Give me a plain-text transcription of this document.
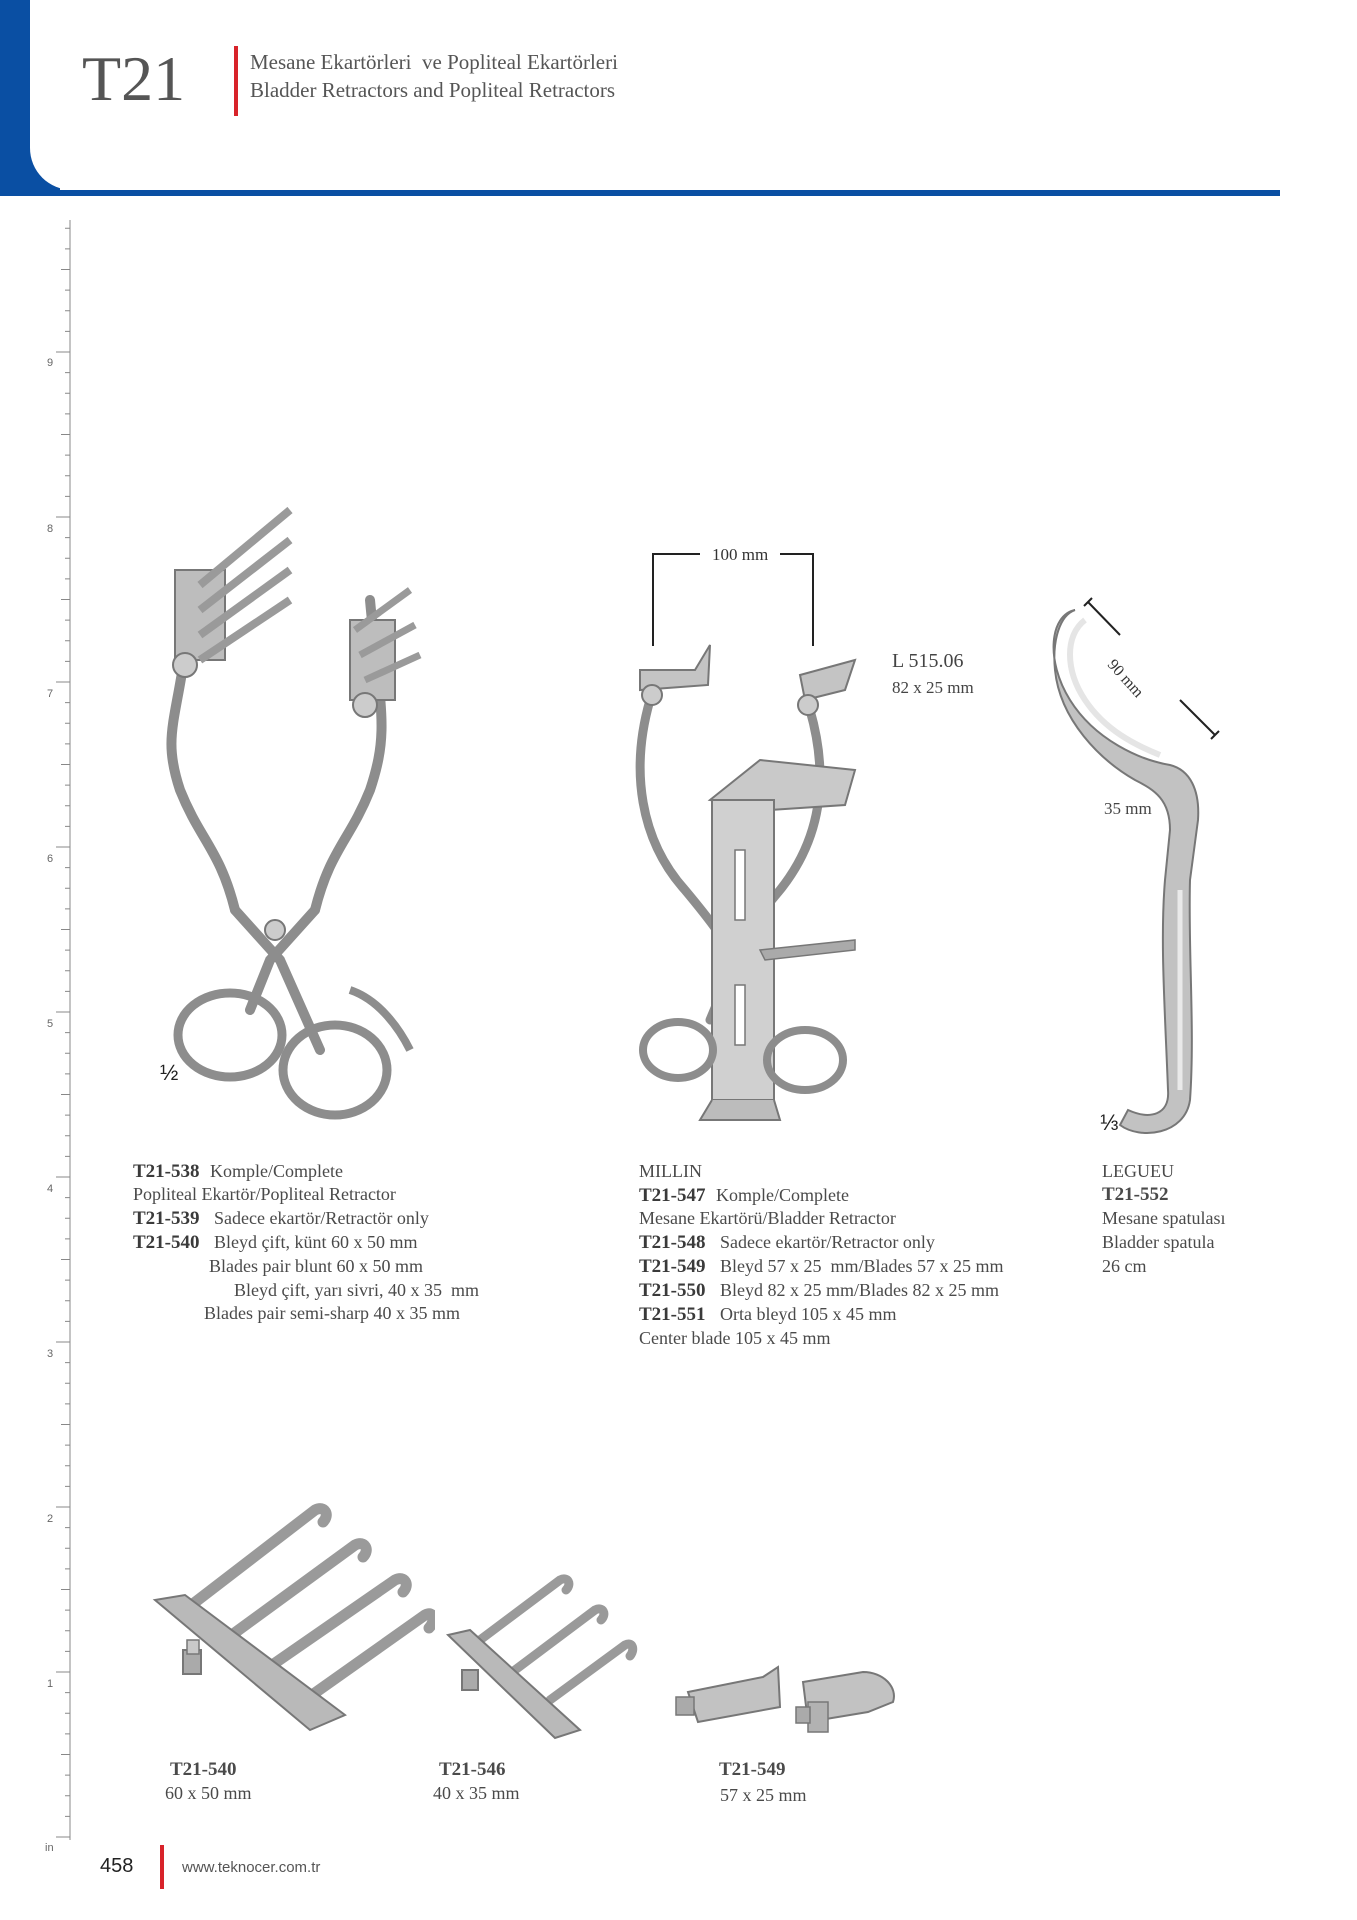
T21	Mesane Ekartörleri  ve Popliteal Ekartörleri
Bladder Retractors and Popliteal Retractors
9
8
7
6
5
4
3
2
1
in
½
T21-538 Komple/Complete
Popliteal Ekartör/Popliteal Retractor
T21-539 Sadece ekartör/Retractör only
T21-540 Bleyd çift, künt 60 x 50 mm
Blades pair blunt 60 x 50 mm
Bleyd çift, yarı sivri, 40 x 35  mm
Blades pair semi-sharp 40 x 35 mm
100 mm
L 515.06
82 x 25 mm
MILLIN
T21-547 Komple/Complete
Mesane Ekartörü/Bladder Retractor
T21-548 Sadece ekartör/Retractor only
T21-549 Bleyd 57 x 25  mm/Blades 57 x 25 mm
T21-550 Bleyd 82 x 25 mm/Blades 82 x 25 mm
T21-551 Orta bleyd 105 x 45 mm
Center blade 105 x 45 mm
90 mm
35 mm
⅓
LEGUEU
T21-552
Mesane spatulası
Bladder spatula
26 cm
T21-540
60 x 50 mm
T21-546
40 x 35 mm
T21-549
57 x 25 mm
458	www.teknocer.com.tr
